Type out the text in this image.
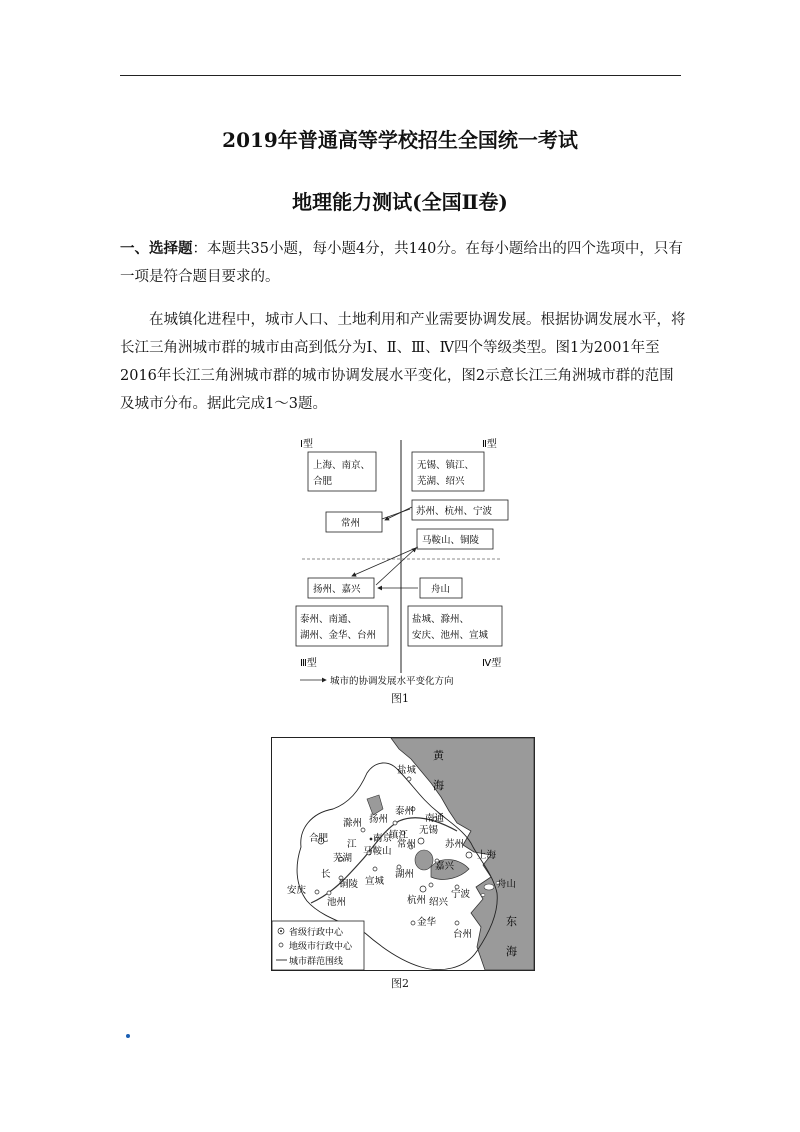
2019年普通高等学校招生全国统一考试
地理能力测试(全国Ⅱ卷)
一、选择题：本题共35小题，每小题4分，共140分。在每小题给出的四个选项中，只有一项是符合题目要求的。
在城镇化进程中，城市人口、土地利用和产业需要协调发展。根据协调发展水平，将长江三角洲城市群的城市由高到低分为Ⅰ、Ⅱ、Ⅲ、Ⅳ四个等级类型。图1为2001年至2016年长江三角洲城市群的城市协调发展水平变化，图2示意长江三角洲城市群的范围及城市分布。据此完成1～3题。
Ⅰ型	Ⅱ型
Ⅲ型	Ⅳ型
上海、南京、
合肥
无锡、镇江、
芜湖、绍兴
苏州、杭州、宁波
常州
马鞍山、铜陵
扬州、嘉兴	舟山
泰州、南通、
湖州、金华、台州
盐城、滁州、
安庆、池州、宣城
城市的协调发展水平变化方向
图1
黄
海
东
海
江
长
盐城
泰州
扬州
滁州
镇江
南通
南京
合肥
马鞍山
常州
无锡
苏州
芜湖	上海
嘉兴
铜陵
湖州
宣城
安庆
池州	杭州 绍兴
宁波
舟山
金华
台州
省级行政中心
地级市行政中心
城市群范围线
图2
